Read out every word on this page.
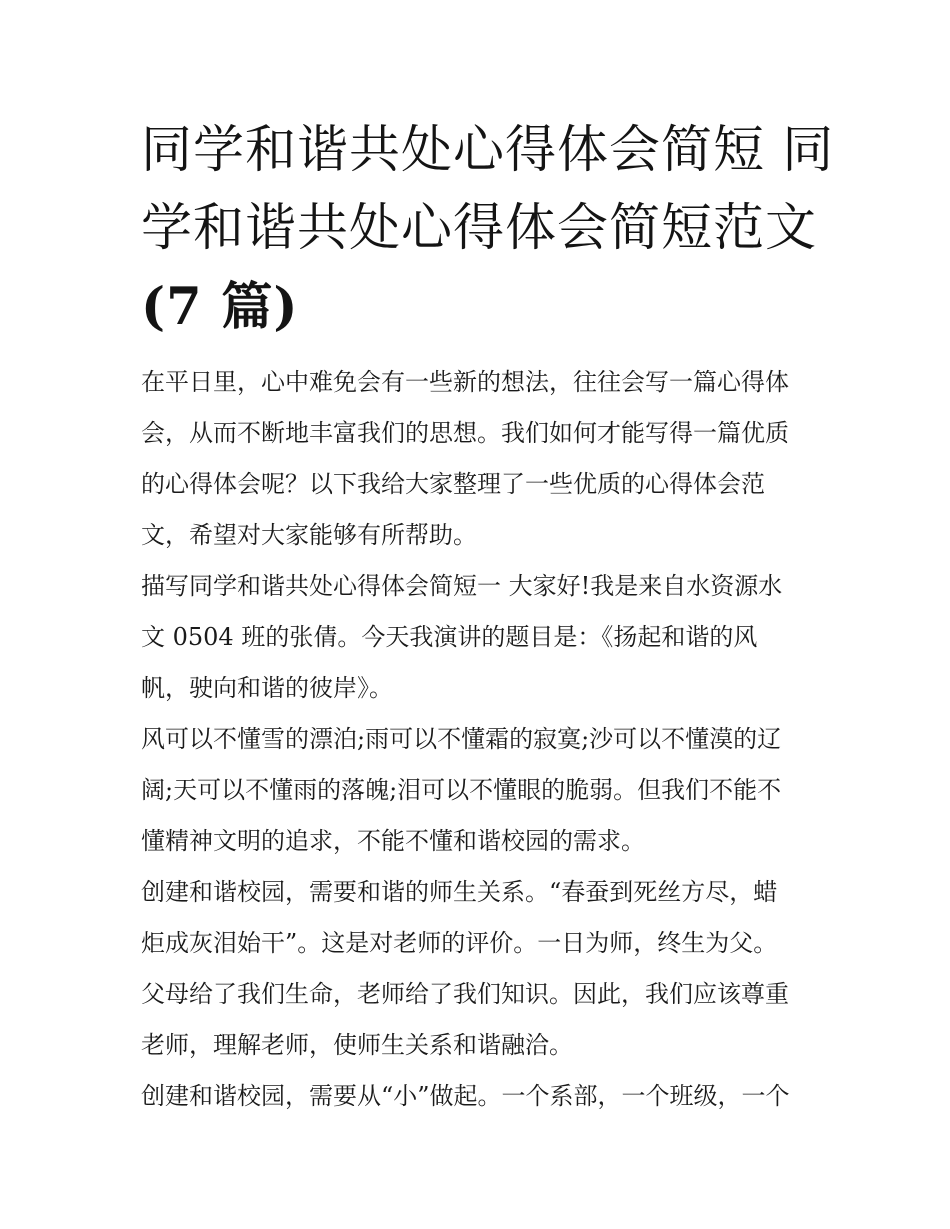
同学和谐共处心得体会简短 同
学和谐共处心得体会简短范文
(7 篇)

在平日里，心中难免会有一些新的想法，往往会写一篇心得体
会，从而不断地丰富我们的思想。我们如何才能写得一篇优质
的心得体会呢？以下我给大家整理了一些优质的心得体会范
文，希望对大家能够有所帮助。

描写同学和谐共处心得体会简短一 大家好!我是来自水资源水
文 0504 班的张倩。今天我演讲的题目是：《扬起和谐的风
帆，驶向和谐的彼岸》。

风可以不懂雪的漂泊;雨可以不懂霜的寂寞;沙可以不懂漠的辽
阔;天可以不懂雨的落魄;泪可以不懂眼的脆弱。但我们不能不
懂精神文明的追求，不能不懂和谐校园的需求。

创建和谐校园，需要和谐的师生关系。“春蚕到死丝方尽，蜡
炬成灰泪始干”。这是对老师的评价。一日为师，终生为父。
父母给了我们生命，老师给了我们知识。因此，我们应该尊重
老师，理解老师，使师生关系和谐融洽。

创建和谐校园，需要从“小”做起。一个系部，一个班级，一个
